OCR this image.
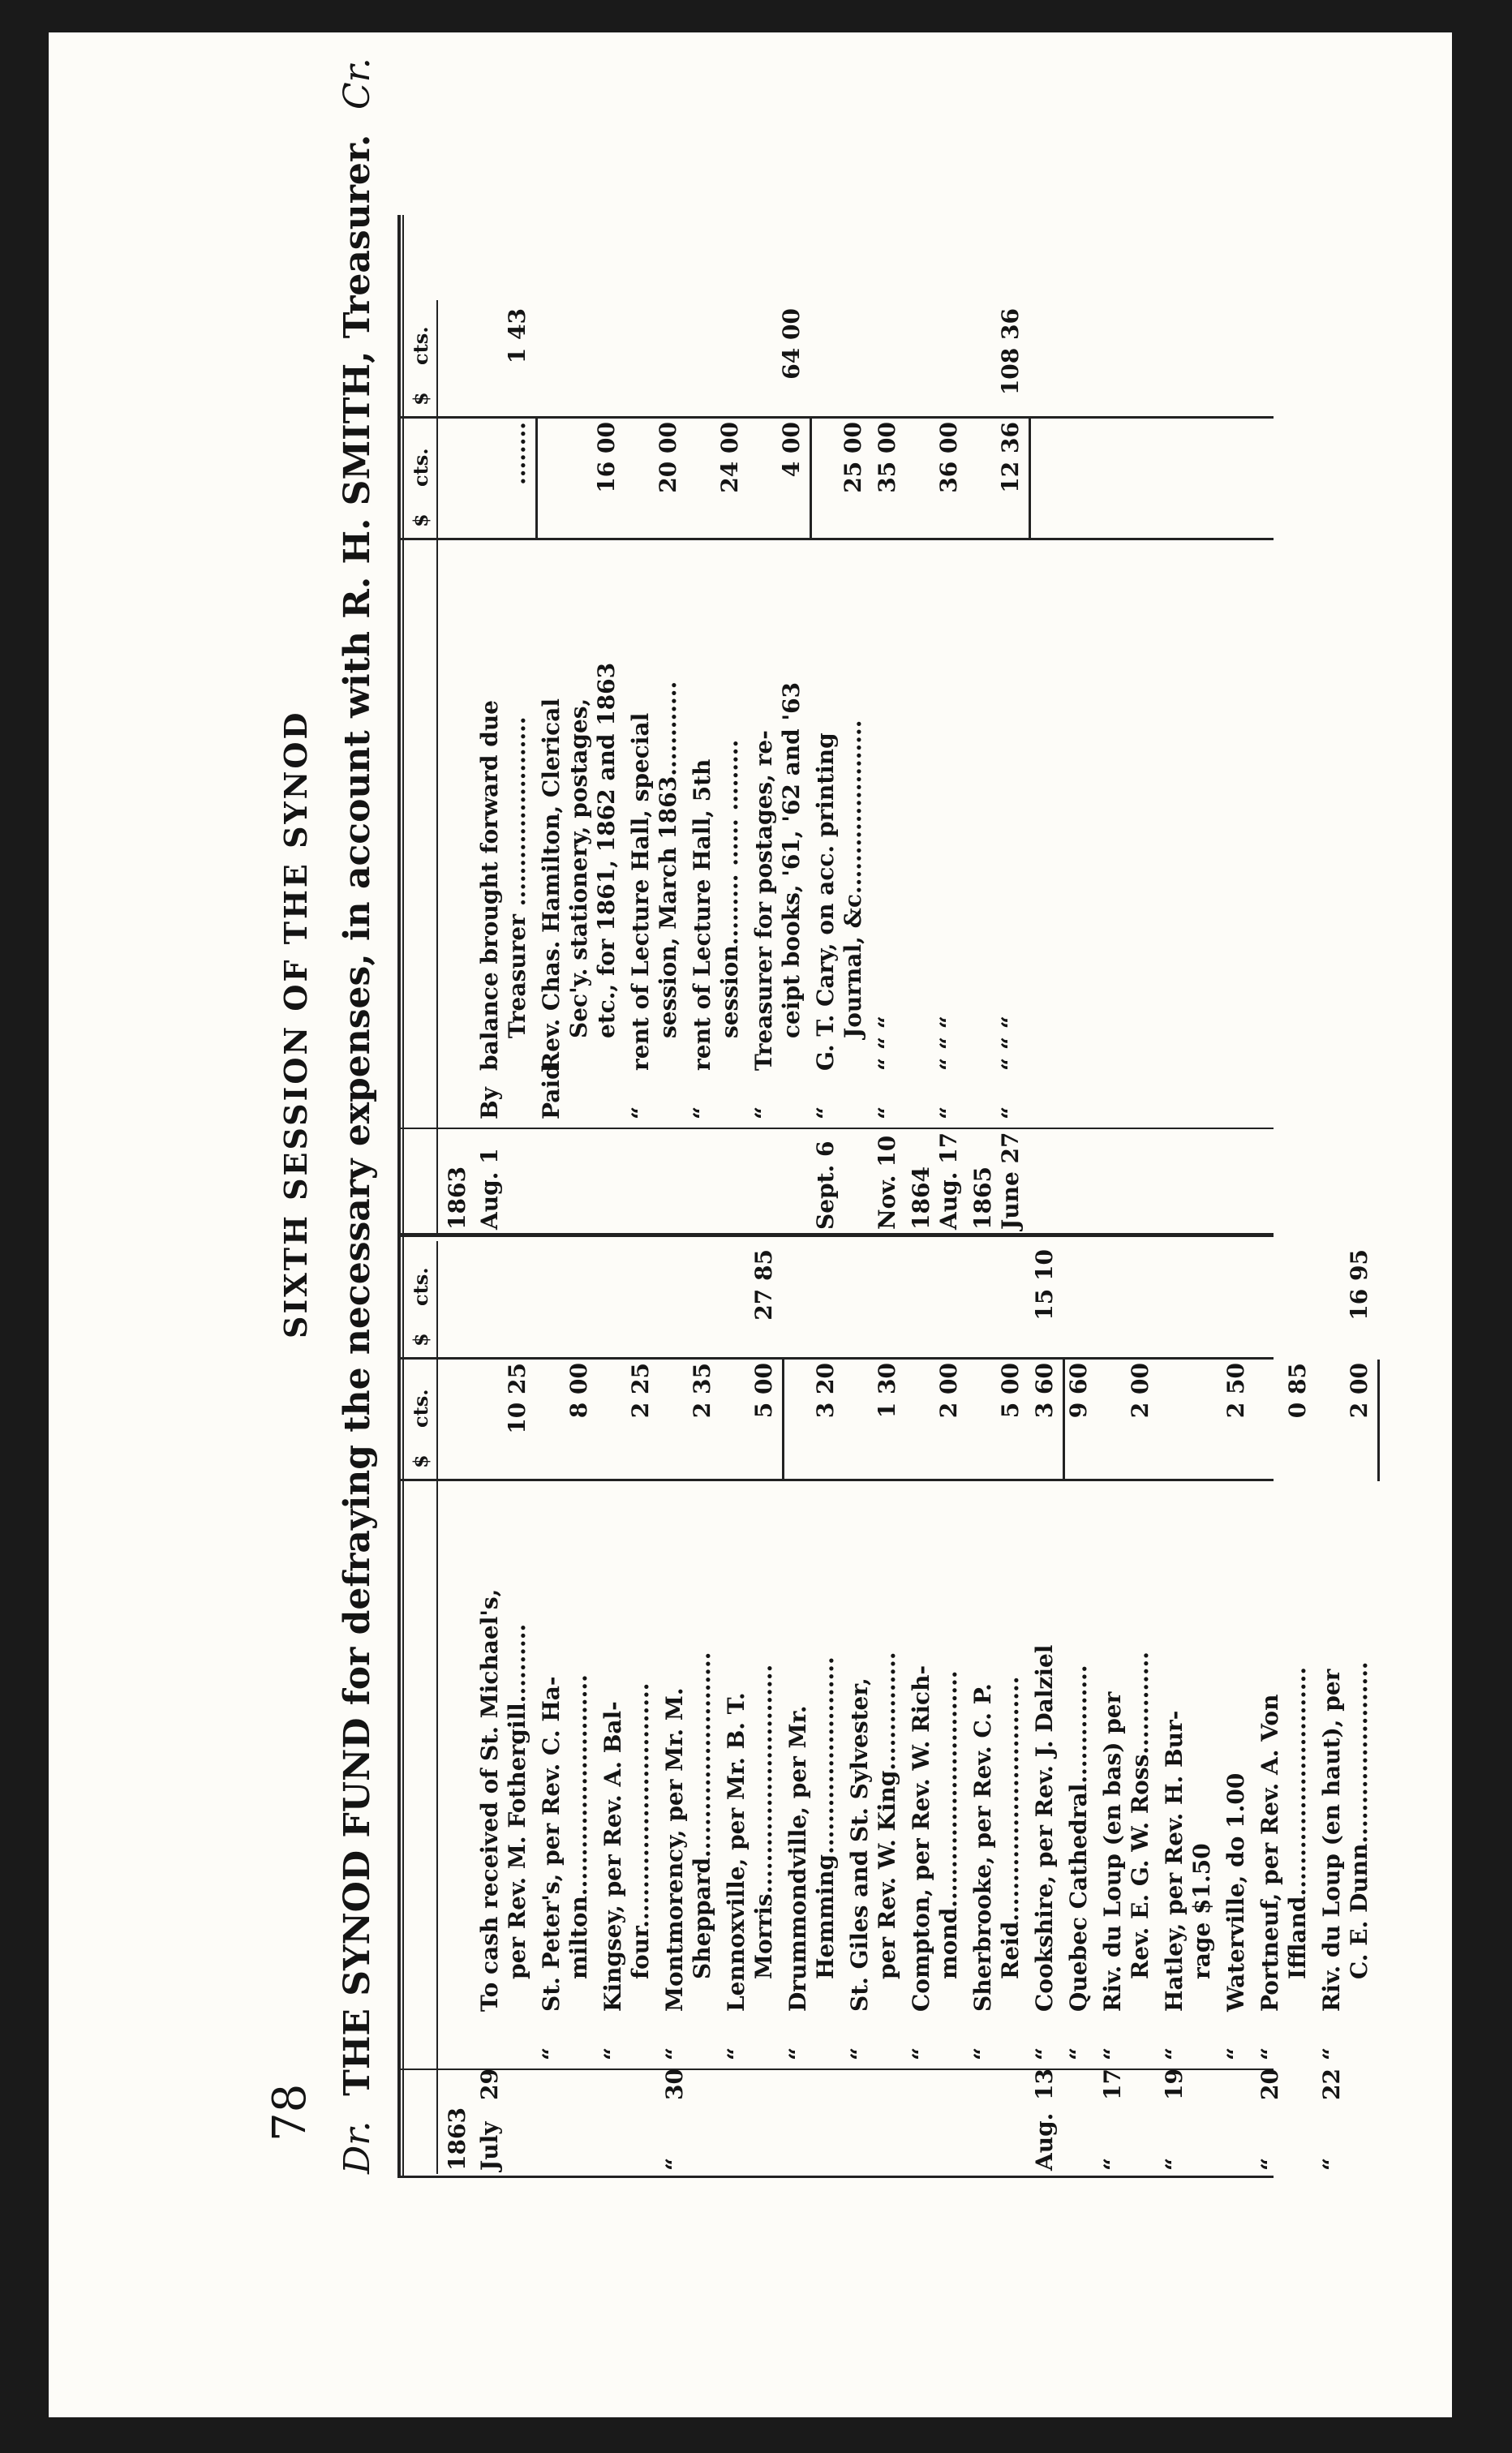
78
SIXTH SESSION OF THE SYNOD
Dr.  THE SYNOD FUND for defraying the necessary expenses, in account with R. H. SMITH, Treasurer.  Cr.
$
cts.
$
cts.
1863 July
29
To cash received of St. Michael's, per Rev. M. Fothergill..........
10 25
“
St. Peter's, per Rev. C. Ha- milton............................
8 00
“
Kingsey, per Rev. A. Bal- four...............................
2 25
“
30
“
Montmorency, per Mr. M. Sheppard..........................
2 35
“
Lennoxville, per Mr. B. T. Morris.............................
5 00
27 85
“
Drummondville, per Mr. Hemming.........................
3 20
“
St. Giles and St. Sylvester, per Rev. W. King...............
1 30
“
Compton, per Rev. W. Rich- mond..............................
2 00
“
Sherbrooke, per Rev. C. P. Reid...............................
5 00
Aug.
13
“
Cookshire, per Rev. J. Dalziel
3 60
15 10
“
Quebec Cathedral...............
9 60
“
17
“
Riv. du Loup (en bas) per Rev. E. G. W. Ross.............
2 00
“
19
“
Hatley, per Rev. H. Bur- rage $1.50
“
Waterville, do 1.00
2 50
“
20
“
Portneuf, per Rev. A. Von Iffland.............................
0 85
“
22
“
Riv. du Loup (en haut), per C. E. Dunn.......................
2 00
16 95
$
cts.
$
cts.
1863 Aug. 1
By
balance brought forward due Treasurer ........................
........
1 43
Paid
Rev. Chas. Hamilton, Clerical Sec'y. stationery, postages, etc., for 1861, 1862 and 1863
16 00
“
rent of Lecture Hall, special session, March 1863............
20 00
“
rent of Lecture Hall, 5th session......... ...... .........
24 00
“
Treasurer for postages, re- ceipt books, '61, '62 and '63
4 00
64 00
Sept. 6
“
G. T. Cary, on acc. printing Journal, &c......................
25 00
Nov. 10
“
“ “ “
35 00
1864 Aug. 17
“
“ “ “
36 00
1865 June 27
“
“ “ “
12 36
108 36
